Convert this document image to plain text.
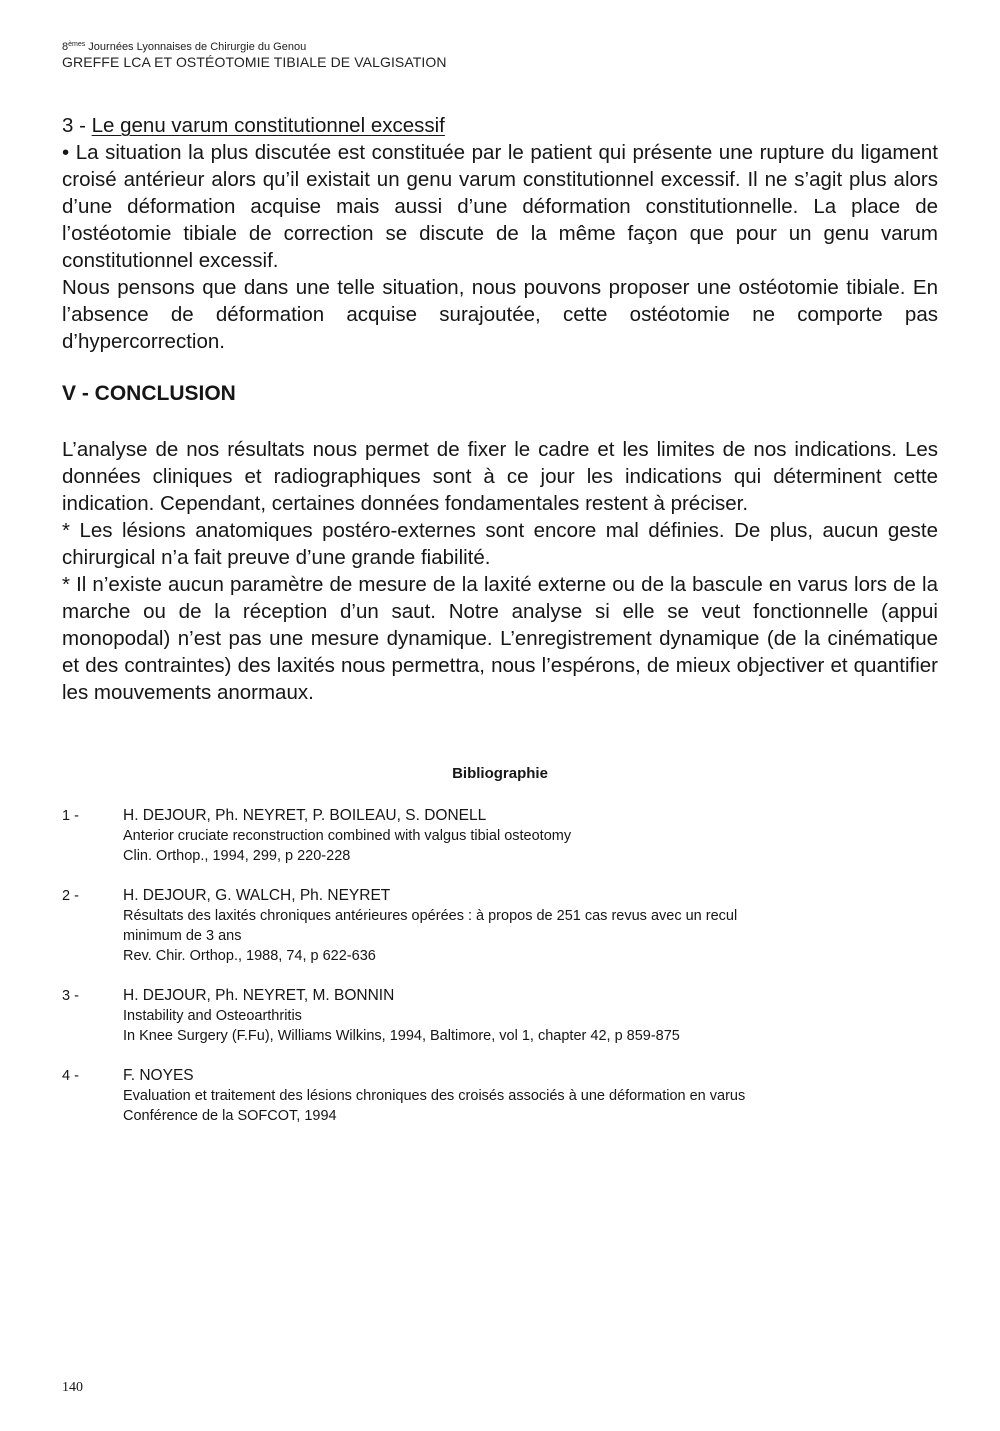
8èmes Journées Lyonnaises de Chirurgie du Genou
GREFFE LCA ET OSTÉOTOMIE TIBIALE DE VALGISATION
3 - Le genu varum constitutionnel excessif

• La situation la plus discutée est constituée par le patient qui présente une rupture du ligament croisé antérieur alors qu’il existait un genu varum constitutionnel excessif. Il ne s’agit plus alors d’une déformation acquise mais aussi d’une déformation constitutionnelle. La place de l’ostéotomie tibiale de correction se discute de la même façon que pour un genu varum constitutionnel excessif.

Nous pensons que dans une telle situation, nous pouvons proposer une ostéotomie tibiale. En l’absence de déformation acquise surajoutée, cette ostéotomie ne comporte pas d’hypercorrection.

V - CONCLUSION

L’analyse de nos résultats nous permet de fixer le cadre et les limites de nos indications. Les données cliniques et radiographiques sont à ce jour les indications qui déterminent cette indication. Cependant, certaines données fondamentales restent à préciser.

* Les lésions anatomiques postéro-externes sont encore mal définies. De plus, aucun geste chirurgical n’a fait preuve d’une grande fiabilité.

* Il n’existe aucun paramètre de mesure de la laxité externe ou de la bascule en varus lors de la marche ou de la réception d’un saut. Notre analyse si elle se veut fonctionnelle (appui monopodal) n’est pas une mesure dynamique. L’enregistrement dynamique (de la cinématique et des contraintes) des laxités nous permettra, nous l’espérons, de mieux objectiver et quantifier les mouvements anormaux.

Bibliographie
1 -	H. DEJOUR, Ph. NEYRET, P. BOILEAU, S. DONELL
Anterior cruciate reconstruction combined with valgus tibial osteotomy
Clin. Orthop., 1994, 299, p 220-228
2 -	H. DEJOUR, G. WALCH, Ph. NEYRET
Résultats des laxités chroniques antérieures opérées : à propos de 251 cas revus avec un recul
minimum de 3 ans
Rev. Chir. Orthop., 1988, 74, p 622-636
3 -	H. DEJOUR, Ph. NEYRET, M. BONNIN
Instability and Osteoarthritis
In Knee Surgery (F.Fu), Williams Wilkins, 1994, Baltimore, vol 1, chapter 42, p 859-875
4 -	F. NOYES
Evaluation et traitement des lésions chroniques des croisés associés à une déformation en varus
Conférence de la SOFCOT, 1994
140
